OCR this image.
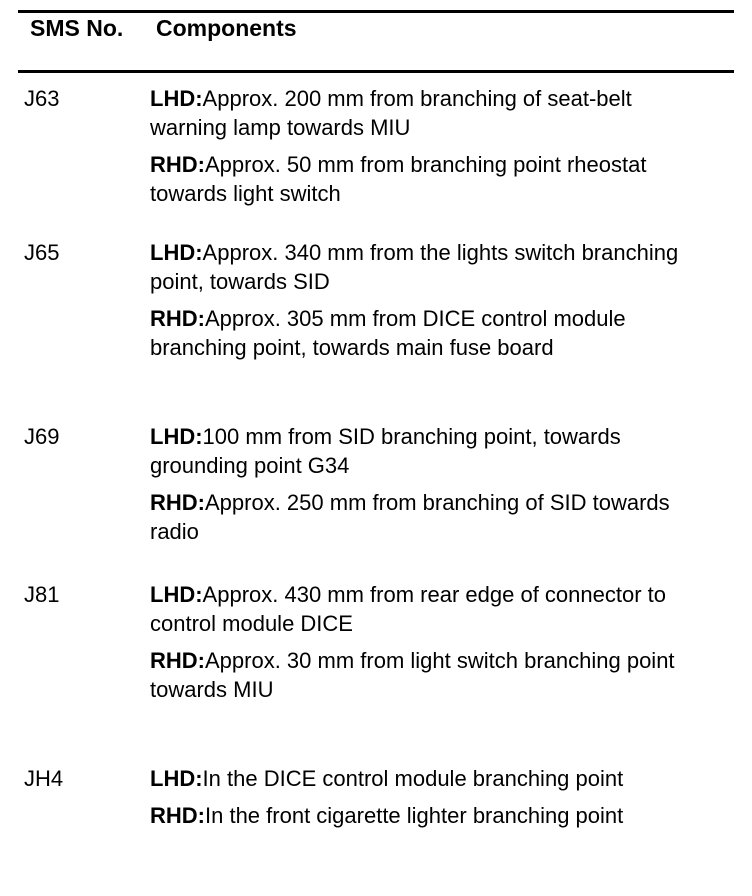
SMS No. Components
J63	LHD:Approx. 200 mm from branching of seat-belt warning lamp towards MIU

RHD:Approx. 50 mm from branching point rheostat towards light switch

J65	LHD:Approx. 340 mm from the lights switch branching point, towards SID

RHD:Approx. 305 mm from DICE control module branching point, towards main fuse board

J69	LHD:100 mm from SID branching point, towards grounding point G34

RHD:Approx. 250 mm from branching of SID towards radio

J81	LHD:Approx. 430 mm from rear edge of connector to control module DICE

RHD:Approx. 30 mm from light switch branching point towards MIU

JH4	LHD:In the DICE control module branching point

RHD:In the front cigarette lighter branching point
